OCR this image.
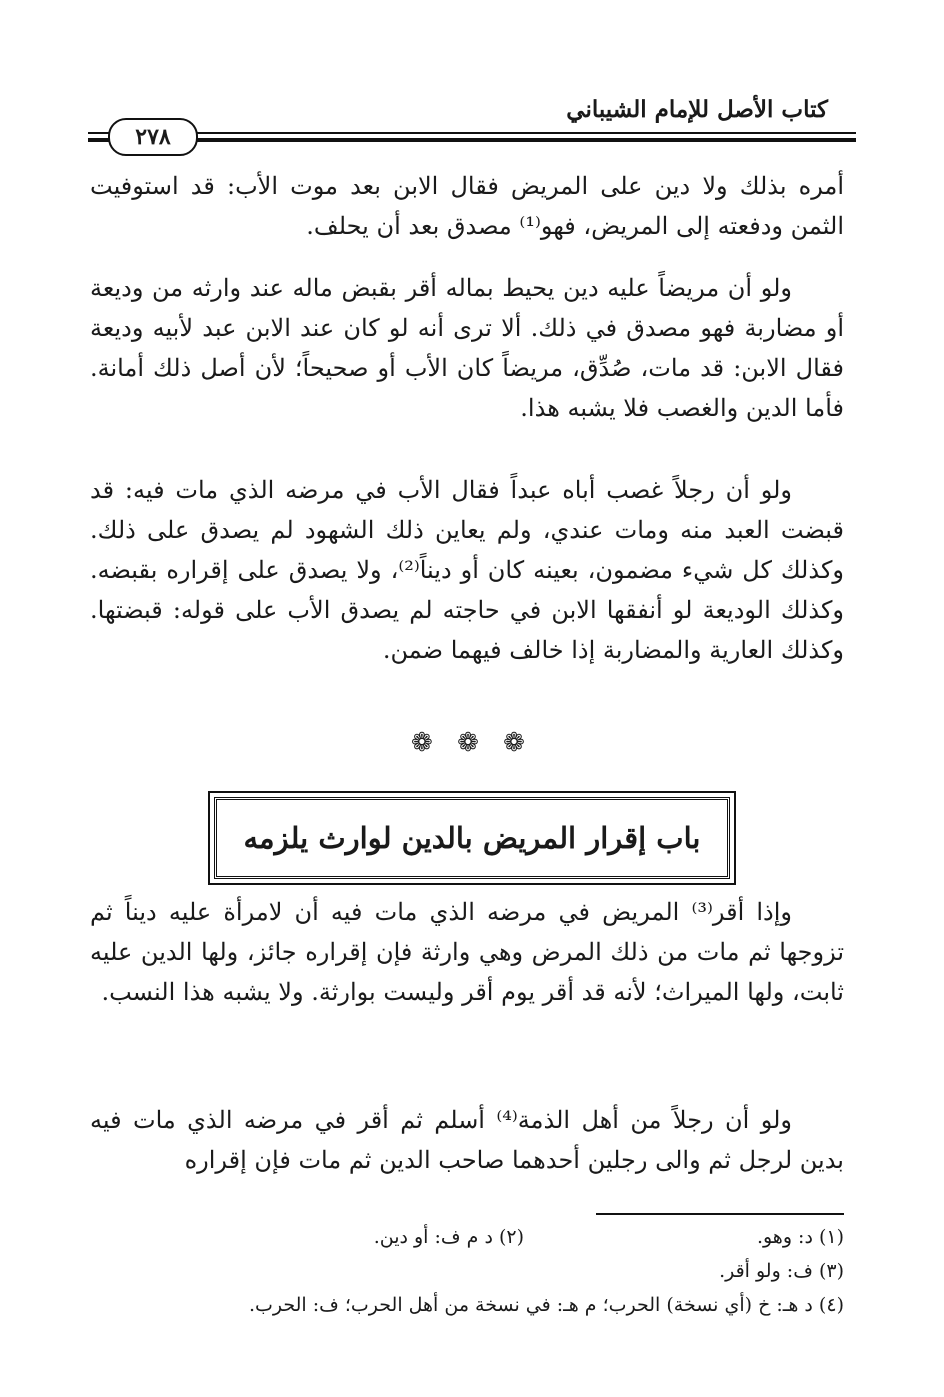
كتاب الأصل للإمام الشيباني
٢٧٨

أمره بذلك ولا دين على المريض فقال الابن بعد موت الأب: قد استوفيت الثمن ودفعته إلى المريض، فهو⁽¹⁾ مصدق بعد أن يحلف.

ولو أن مريضاً عليه دين يحيط بماله أقر بقبض ماله عند وارثه من وديعة أو مضاربة فهو مصدق في ذلك. ألا ترى أنه لو كان عند الابن عبد لأبيه وديعة فقال الابن: قد مات، صُدِّق، مريضاً كان الأب أو صحيحاً؛ لأن أصل ذلك أمانة. فأما الدين والغصب فلا يشبه هذا.

ولو أن رجلاً غصب أباه عبداً فقال الأب في مرضه الذي مات فيه: قد قبضت العبد منه ومات عندي، ولم يعاين ذلك الشهود لم يصدق على ذلك. وكذلك كل شيء مضمون، بعينه كان أو ديناً⁽²⁾، ولا يصدق على إقراره بقبضه. وكذلك الوديعة لو أنفقها الابن في حاجته لم يصدق الأب على قوله: قبضتها. وكذلك العارية والمضاربة إذا خالف فيهما ضمن.

❁ ❁ ❁
باب إقرار المريض بالدين لوارث يلزمه

وإذا أقر⁽³⁾ المريض في مرضه الذي مات فيه أن لامرأة عليه ديناً ثم تزوجها ثم مات من ذلك المرض وهي وارثة فإن إقراره جائز، ولها الدين عليه ثابت، ولها الميراث؛ لأنه قد أقر يوم أقر وليست بوارثة. ولا يشبه هذا النسب.

ولو أن رجلاً من أهل الذمة⁽⁴⁾ أسلم ثم أقر في مرضه الذي مات فيه بدين لرجل ثم والى رجلين أحدهما صاحب الدين ثم مات فإن إقراره

(١) د: وهو.
(٢) د م ف: أو دين.
(٣) ف: ولو أقر.
(٤) د هـ: خ (أي نسخة) الحرب؛ م هـ: في نسخة من أهل الحرب؛ ف: الحرب.
